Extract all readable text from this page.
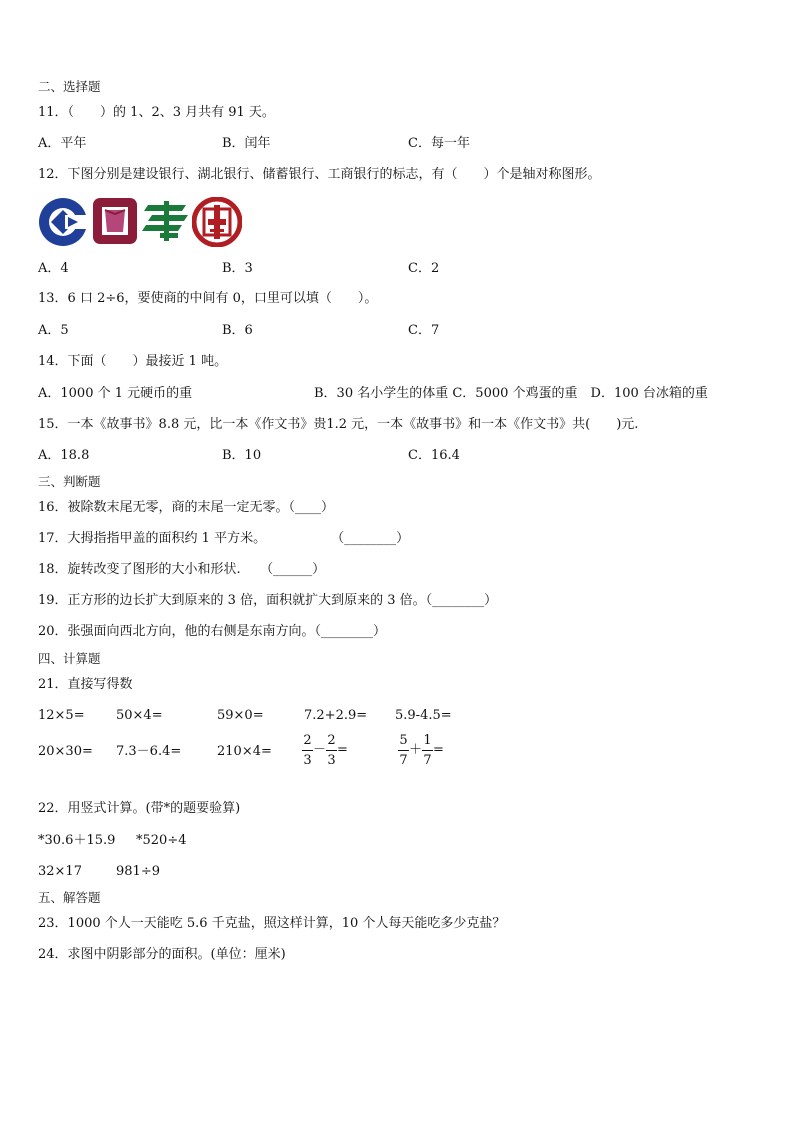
二、选择题
11．（　　）的 1、2、3 月共有 91 天。
A．平年	B．闰年	C．每一年
12．下图分别是建设银行、湖北银行、储蓄银行、工商银行的标志，有（　　）个是轴对称图形。
A．4	B．3	C．2
13．6 口 2÷6，要使商的中间有 0，口里可以填（　　）。
A．5	B．6	C．7
14．下面（　　）最接近 1 吨。
A．1000 个 1 元硬币的重	B．30 名小学生的体重 C．5000 个鸡蛋的重　D．100 台冰箱的重
15．一本《故事书》8.8 元，比一本《作文书》贵1.2 元，一本《故事书》和一本《作文书》共(　　)元.
A．18.8	B．10	C．16.4
三、判断题
16．被除数末尾无零，商的末尾一定无零。（____）
17．大拇指指甲盖的面积约 1 平方米。　　　　　　（________）
18．旋转改变了图形的大小和形状.　　（______）
19．正方形的边长扩大到原来的 3 倍，面积就扩大到原来的 3 倍。（________）
20．张强面向西北方向，他的右侧是东南方向。（________）
四、计算题
21．直接写得数
12×5= 50×4=	59×0=	7.2+2.9= 5.9-4.5=
20×30= 7.3－6.4=	$210\times 4= \frac{2}{3} - \frac{2}{3}$ =	$\frac{5}{7} + \frac{1}{7}$ =
22．用竖式计算。(带*的题要验算)
*30.6＋15.9 *520÷4
32×17	981÷9
五、解答题
23．1000 个人一天能吃 5.6 千克盐，照这样计算，10 个人每天能吃多少克盐？
24．求图中阴影部分的面积。(单位：厘米)
